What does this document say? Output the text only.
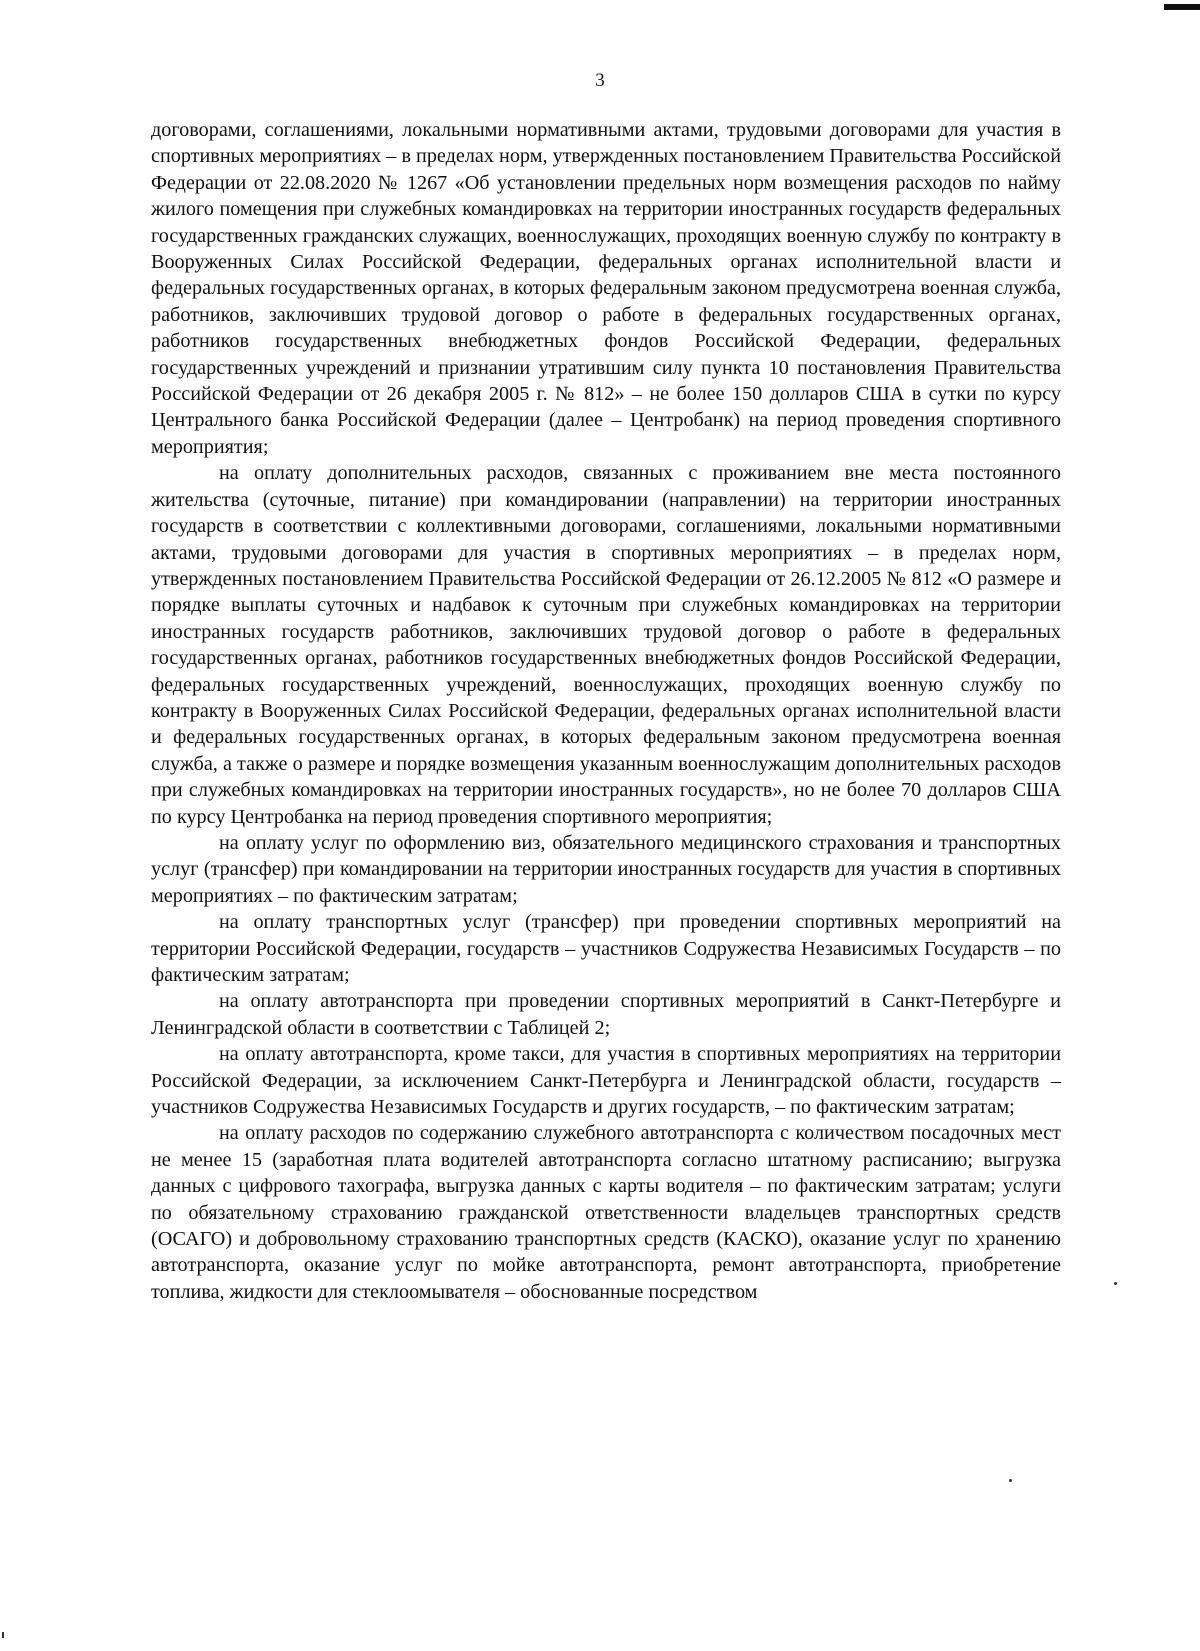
3

договорами, соглашениями, локальными нормативными актами, трудовыми договорами для участия в спортивных мероприятиях – в пределах норм, утвержденных постановлением Правительства Российской Федерации от 22.08.2020 № 1267 «Об установлении предельных норм возмещения расходов по найму жилого помещения при служебных командировках на территории иностранных государств федеральных государственных гражданских служащих, военнослужащих, проходящих военную службу по контракту в Вооруженных Силах Российской Федерации, федеральных органах исполнительной власти и федеральных государственных органах, в которых федеральным законом предусмотрена военная служба, работников, заключивших трудовой договор о работе в федеральных государственных органах, работников государственных внебюджетных фондов Российской Федерации, федеральных государственных учреждений и признании утратившим силу пункта 10 постановления Правительства Российской Федерации от 26 декабря 2005 г. № 812» – не более 150 долларов США в сутки по курсу Центрального банка Российской Федерации (далее – Центробанк) на период проведения спортивного мероприятия;

на оплату дополнительных расходов, связанных с проживанием вне места постоянного жительства (суточные, питание) при командировании (направлении) на территории иностранных государств в соответствии с коллективными договорами, соглашениями, локальными нормативными актами, трудовыми договорами для участия в спортивных мероприятиях – в пределах норм, утвержденных постановлением Правительства Российской Федерации от 26.12.2005 № 812 «О размере и порядке выплаты суточных и надбавок к суточным при служебных командировках на территории иностранных государств работников, заключивших трудовой договор о работе в федеральных государственных органах, работников государственных внебюджетных фондов Российской Федерации, федеральных государственных учреждений, военнослужащих, проходящих военную службу по контракту в Вооруженных Силах Российской Федерации, федеральных органах исполнительной власти и федеральных государственных органах, в которых федеральным законом предусмотрена военная служба, а также о размере и порядке возмещения указанным военнослужащим дополнительных расходов при служебных командировках на территории иностранных государств», но не более 70 долларов США по курсу Центробанка на период проведения спортивного мероприятия;

на оплату услуг по оформлению виз, обязательного медицинского страхования и транспортных услуг (трансфер) при командировании на территории иностранных государств для участия в спортивных мероприятиях – по фактическим затратам;

на оплату транспортных услуг (трансфер) при проведении спортивных мероприятий на территории Российской Федерации, государств – участников Содружества Независимых Государств – по фактическим затратам;

на оплату автотранспорта при проведении спортивных мероприятий в Санкт-Петербурге и Ленинградской области в соответствии с Таблицей 2;

на оплату автотранспорта, кроме такси, для участия в спортивных мероприятиях на территории Российской Федерации, за исключением Санкт-Петербурга и Ленинградской области, государств – участников Содружества Независимых Государств и других государств, – по фактическим затратам;

на оплату расходов по содержанию служебного автотранспорта с количеством посадочных мест не менее 15 (заработная плата водителей автотранспорта согласно штатному расписанию; выгрузка данных с цифрового тахографа, выгрузка данных с карты водителя – по фактическим затратам; услуги по обязательному страхованию гражданской ответственности владельцев транспортных средств (ОСАГО) и добровольному страхованию транспортных средств (КАСКО), оказание услуг по хранению автотранспорта, оказание услуг по мойке автотранспорта, ремонт автотранспорта, приобретение топлива, жидкости для стеклоомывателя – обоснованные посредством
